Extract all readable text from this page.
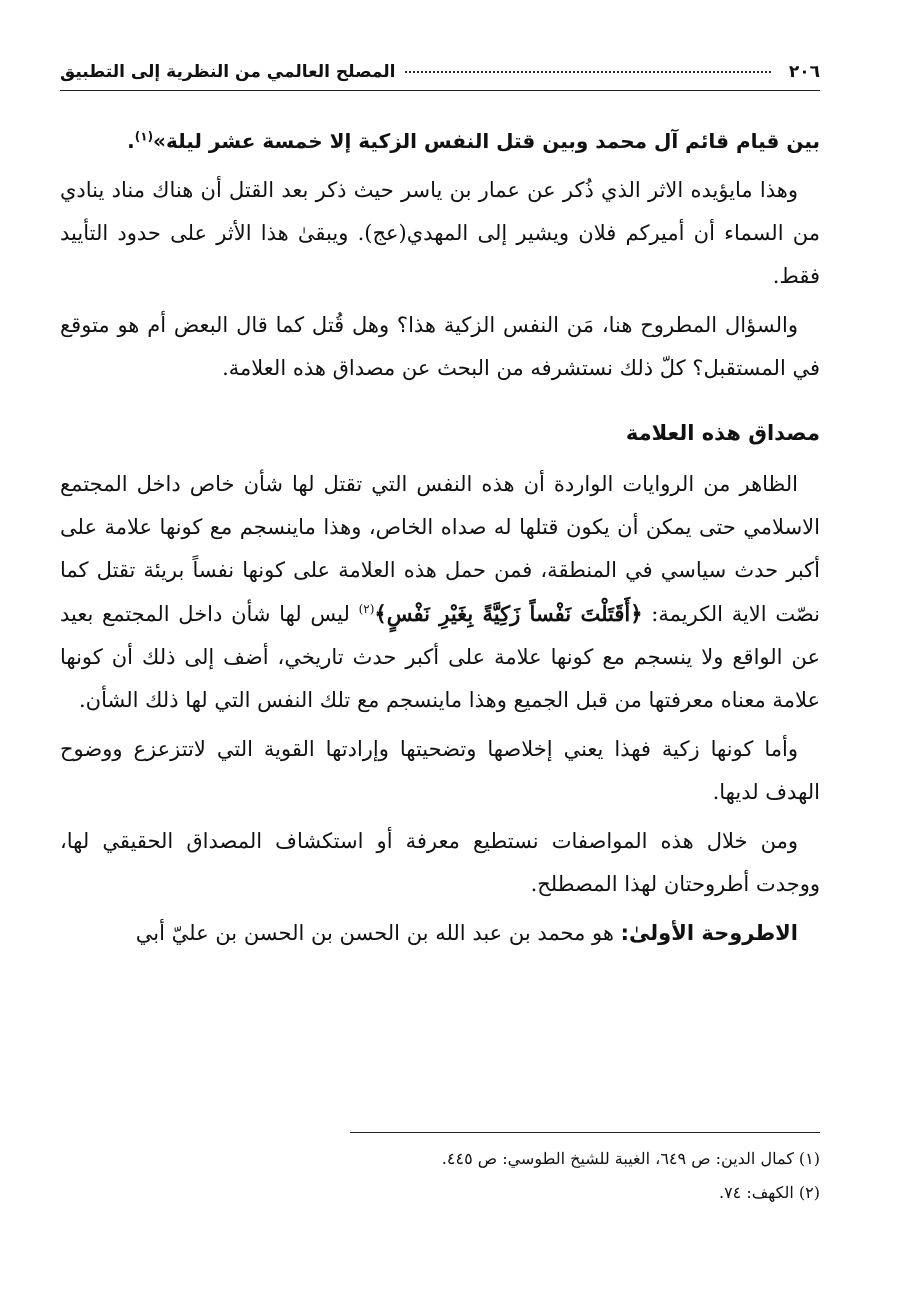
٢٠٦
المصلح العالمي من النظرية إلى التطبيق

بين قيام قائم آل محمد وبين قتل النفس الزكية إلا خمسة عشر ليلة»$^{(١)}$.

وهذا مايؤيده الاثر الذي ذُكر عن عمار بن ياسر حيث ذكر بعد القتل أن هناك مناد ينادي من السماء أن أميركم فلان ويشير إلى المهدي(عج). ويبقىٰ هذا الأثر على حدود التأييد فقط.

والسؤال المطروح هنا، مَن النفس الزكية هذا؟ وهل قُتل كما قال البعض أم هو متوقع في المستقبل؟ كلّ ذلك نستشرفه من البحث عن مصداق هذه العلامة.

مصداق هذه العلامة

الظاهر من الروايات الواردة أن هذه النفس التي تقتل لها شأن خاص داخل المجتمع الاسلامي حتى يمكن أن يكون قتلها له صداه الخاص، وهذا ماينسجم مع كونها علامة على أكبر حدث سياسي في المنطقة، فمن حمل هذه العلامة على كونها نفساً بريئة تقتل كما نصّت الاية الكريمة: ﴿أَقَتَلْتَ نَفْساً زَكِيَّةً بِغَيْرِ نَفْسٍ﴾$^{(٢)}$ ليس لها شأن داخل المجتمع بعيد عن الواقع ولا ينسجم مع كونها علامة على أكبر حدث تاريخي، أضف إلى ذلك أن كونها علامة معناه معرفتها من قبل الجميع وهذا ماينسجم مع تلك النفس التي لها ذلك الشأن.

وأما كونها زكية فهذا يعني إخلاصها وتضحيتها وإرادتها القوية التي لاتتزعزع ووضوح الهدف لديها.

ومن خلال هذه المواصفات نستطيع معرفة أو استكشاف المصداق الحقيقي لها، ووجدت أطروحتان لهذا المصطلح.

الاطروحة الأولىٰ: هو محمد بن عبد الله بن الحسن بن الحسن بن عليّ أبي

(١) كمال الدين: ص ٦٤٩، الغيبة للشيخ الطوسي: ص ٤٤٥.

(٢) الكهف: ٧٤.
